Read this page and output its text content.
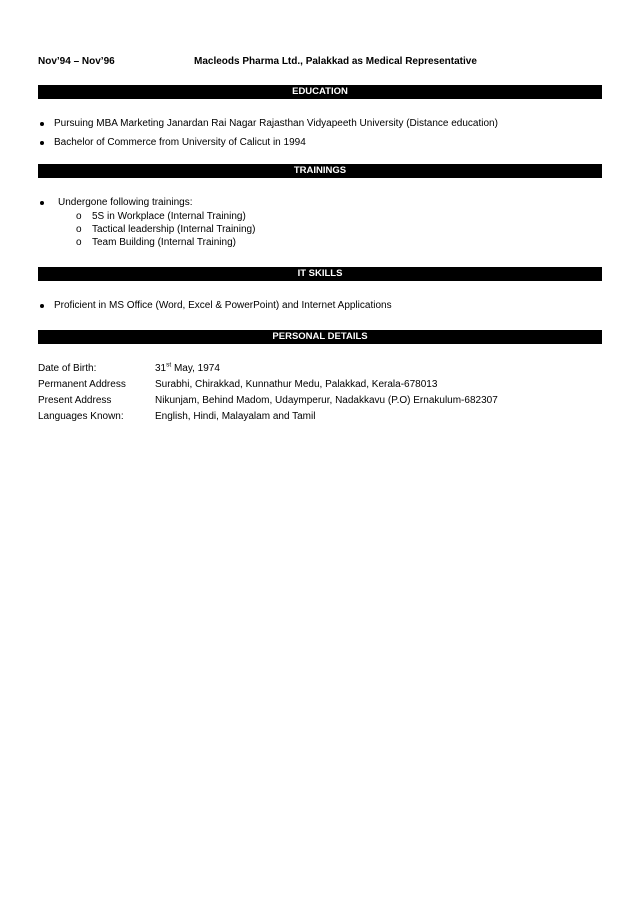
Nov’94 – Nov’96	Macleods Pharma Ltd., Palakkad as Medical Representative
EDUCATION
Pursuing MBA Marketing Janardan Rai Nagar Rajasthan Vidyapeeth University (Distance education)
Bachelor of Commerce from University of Calicut in 1994
TRAININGS
Undergone following trainings:
o 5S in Workplace (Internal Training)
o Tactical leadership (Internal Training)
o Team Building (Internal Training)
IT SKILLS
Proficient in MS Office (Word, Excel & PowerPoint) and Internet Applications
PERSONAL DETAILS
Date of Birth:	31st May, 1974
Permanent Address	Surabhi, Chirakkad, Kunnathur Medu, Palakkad, Kerala-678013
Present Address	Nikunjam, Behind Madom, Udaymperur, Nadakkavu (P.O) Ernakulum-682307
Languages Known:	English, Hindi, Malayalam and Tamil
